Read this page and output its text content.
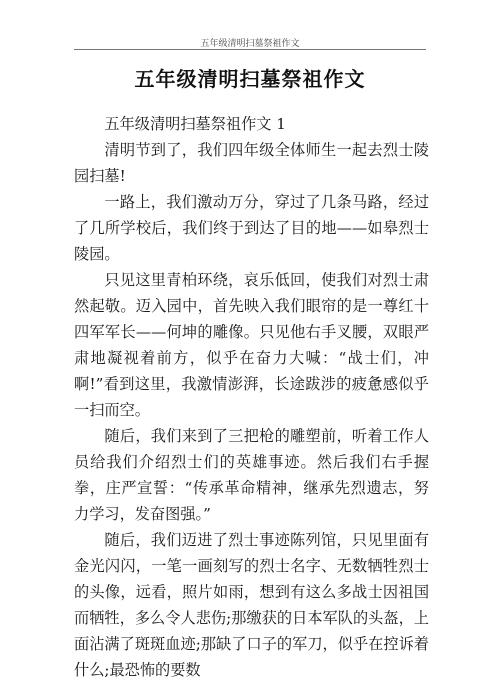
五年级清明扫墓祭祖作文
五年级清明扫墓祭祖作文

五年级清明扫墓祭祖作文 1

清明节到了，我们四年级全体师生一起去烈士陵园扫墓!

一路上，我们激动万分，穿过了几条马路，经过了几所学校后，我们终于到达了目的地——如皋烈士陵园。

只见这里青柏环绕，哀乐低回，使我们对烈士肃然起敬。迈入园中，首先映入我们眼帘的是一尊红十四军军长——何坤的雕像。只见他右手叉腰，双眼严肃地凝视着前方，似乎在奋力大喊：“战士们，冲啊!”看到这里，我激情澎湃，长途跋涉的疲惫感似乎一扫而空。

随后，我们来到了三把枪的雕塑前，听着工作人员给我们介绍烈士们的英雄事迹。然后我们右手握拳，庄严宣誓：“传承革命精神，继承先烈遗志，努力学习，发奋图强。”

随后，我们迈进了烈士事迹陈列馆，只见里面有金光闪闪，一笔一画刻写的烈士名字、无数牺牲烈士的头像，远看，照片如雨，想到有这么多战士因祖国而牺牲，多么令人悲伤;那缴获的日本军队的头盔，上面沾满了斑斑血迹;那缺了口子的军刀，似乎在控诉着什么;最恐怖的要数
